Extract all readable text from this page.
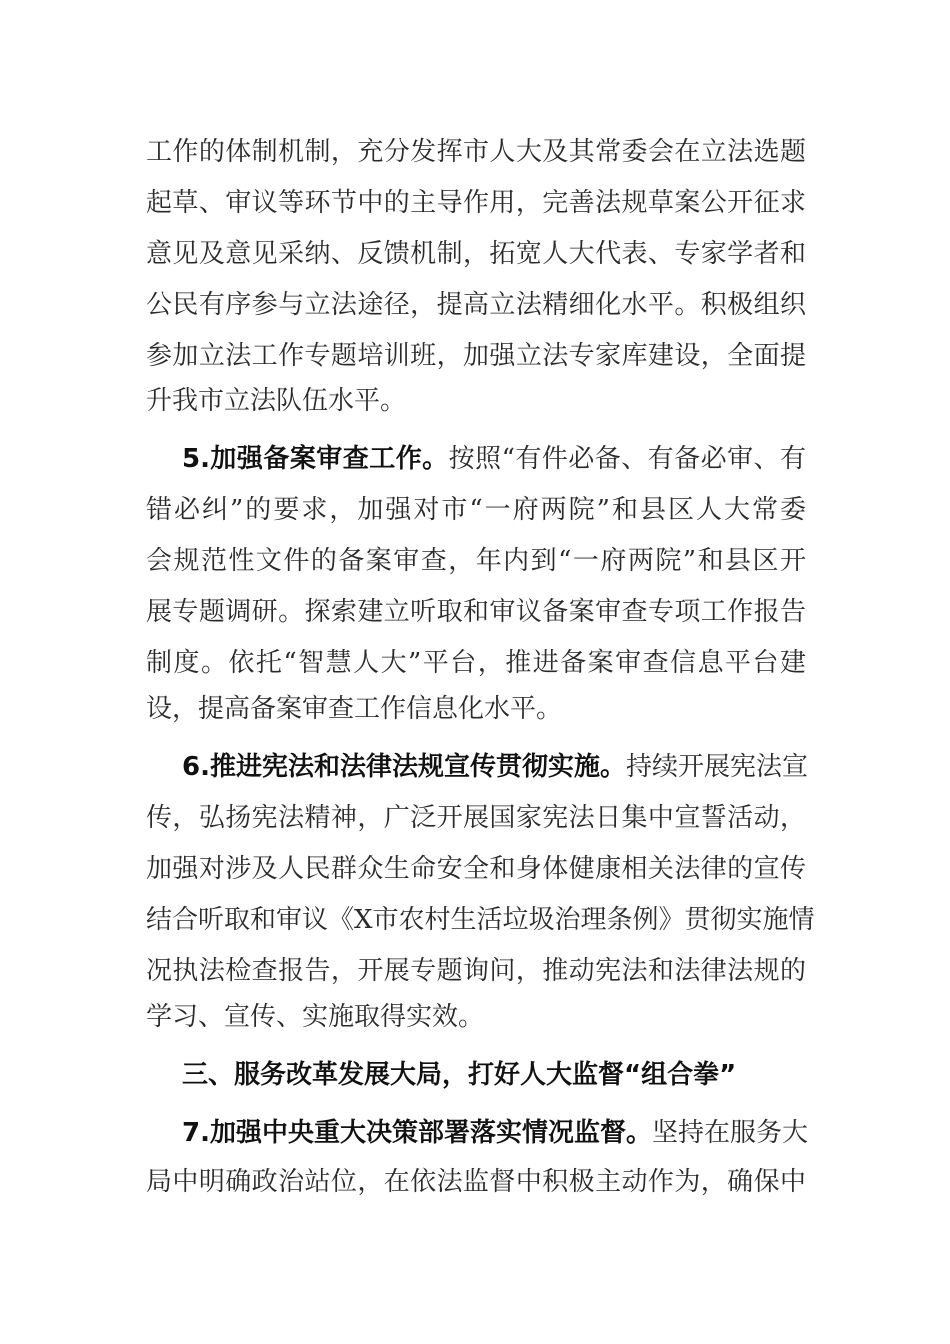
工作的体制机制，充分发挥市人大及其常委会在立法选题
起草、审议等环节中的主导作用，完善法规草案公开征求
意见及意见采纳、反馈机制，拓宽人大代表、专家学者和
公民有序参与立法途径，提高立法精细化水平。积极组织
参加立法工作专题培训班，加强立法专家库建设，全面提
升我市立法队伍水平。
5.加强备案审查工作。按照“有件必备、有备必审、有
错必纠”的要求，加强对市“一府两院”和县区人大常委
会规范性文件的备案审查，年内到“一府两院”和县区开
展专题调研。探索建立听取和审议备案审查专项工作报告
制度。依托“智慧人大”平台，推进备案审查信息平台建
设，提高备案审查工作信息化水平。
6.推进宪法和法律法规宣传贯彻实施。持续开展宪法宣
传，弘扬宪法精神，广泛开展国家宪法日集中宣誓活动，
加强对涉及人民群众生命安全和身体健康相关法律的宣传
结合听取和审议《X市农村生活垃圾治理条例》贯彻实施情
况执法检查报告，开展专题询问，推动宪法和法律法规的
学习、宣传、实施取得实效。
三、服务改革发展大局，打好人大监督“组合拳”
7.加强中央重大决策部署落实情况监督。坚持在服务大
局中明确政治站位，在依法监督中积极主动作为，确保中
